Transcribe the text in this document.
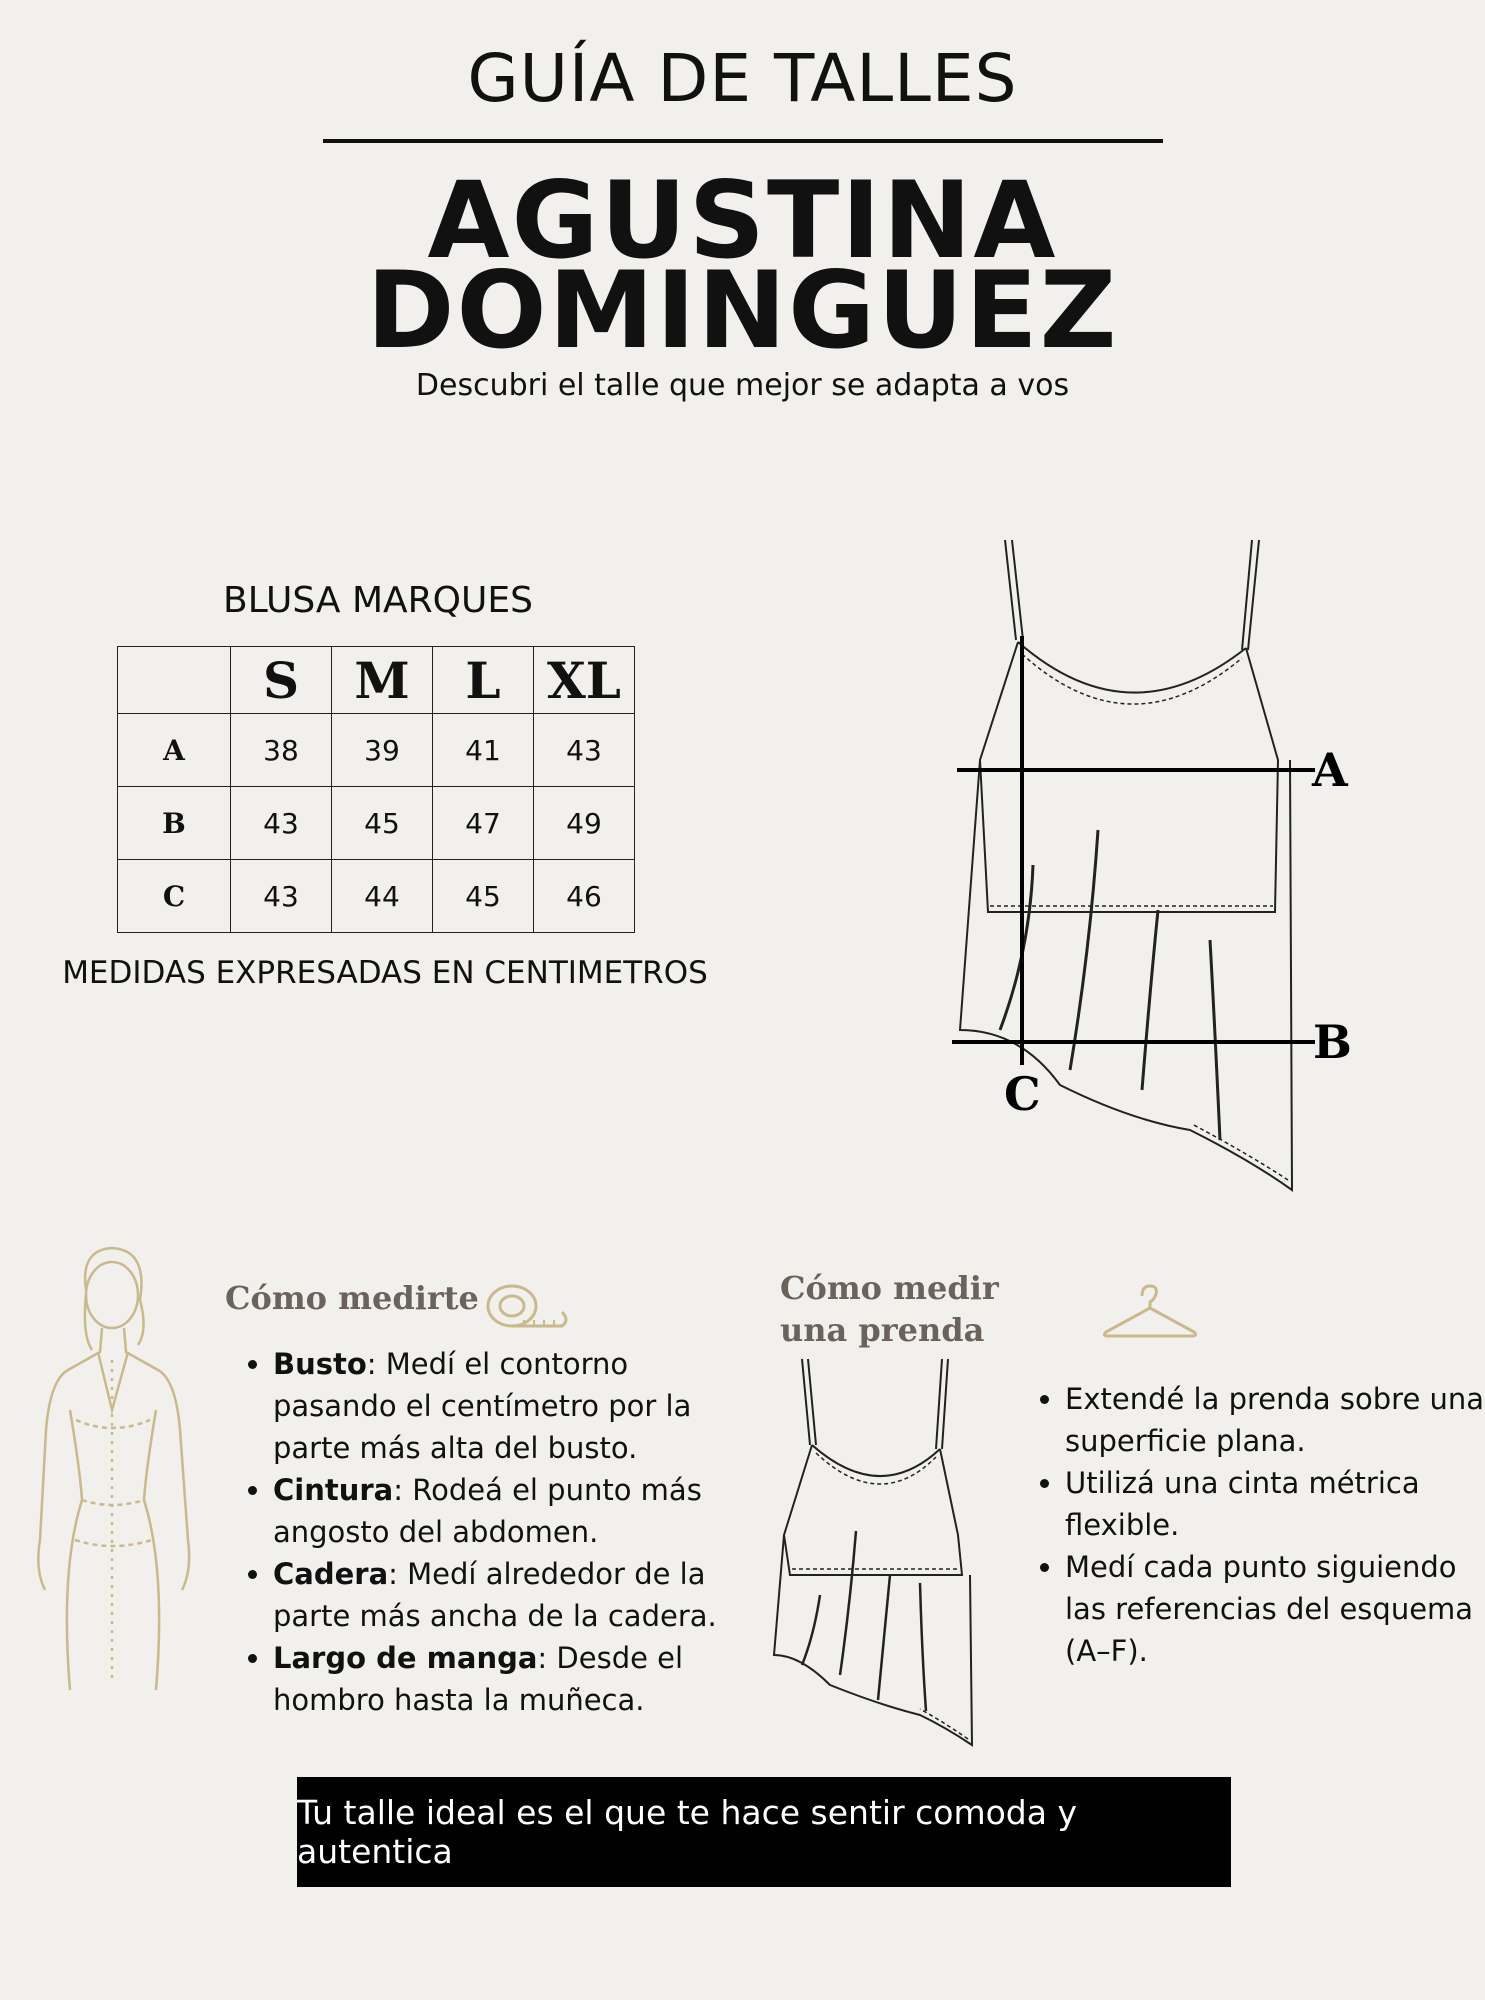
GUÍA DE TALLES
AGUSTINA
DOMINGUEZ
Descubri el talle que mejor se adapta a vos
BLUSA MARQUES
	S	M	L	XL
A	38	39	41	43
B	43	45	47	49
C	43	44	45	46
MEDIDAS EXPRESADAS EN CENTIMETROS
A
B
C
Cómo medirte
• Busto: Medí el contorno pasando el centímetro por la parte más alta del busto.
• Cintura: Rodeá el punto más angosto del abdomen.
• Cadera: Medí alrededor de la parte más ancha de la cadera.
• Largo de manga: Desde el hombro hasta la muñeca.
Cómo medir una prenda
• Extendé la prenda sobre una superficie plana.
• Utilizá una cinta métrica flexible.
• Medí cada punto siguiendo las referencias del esquema (A–F).
Tu talle ideal es el que te hace sentir comoda y autentica
